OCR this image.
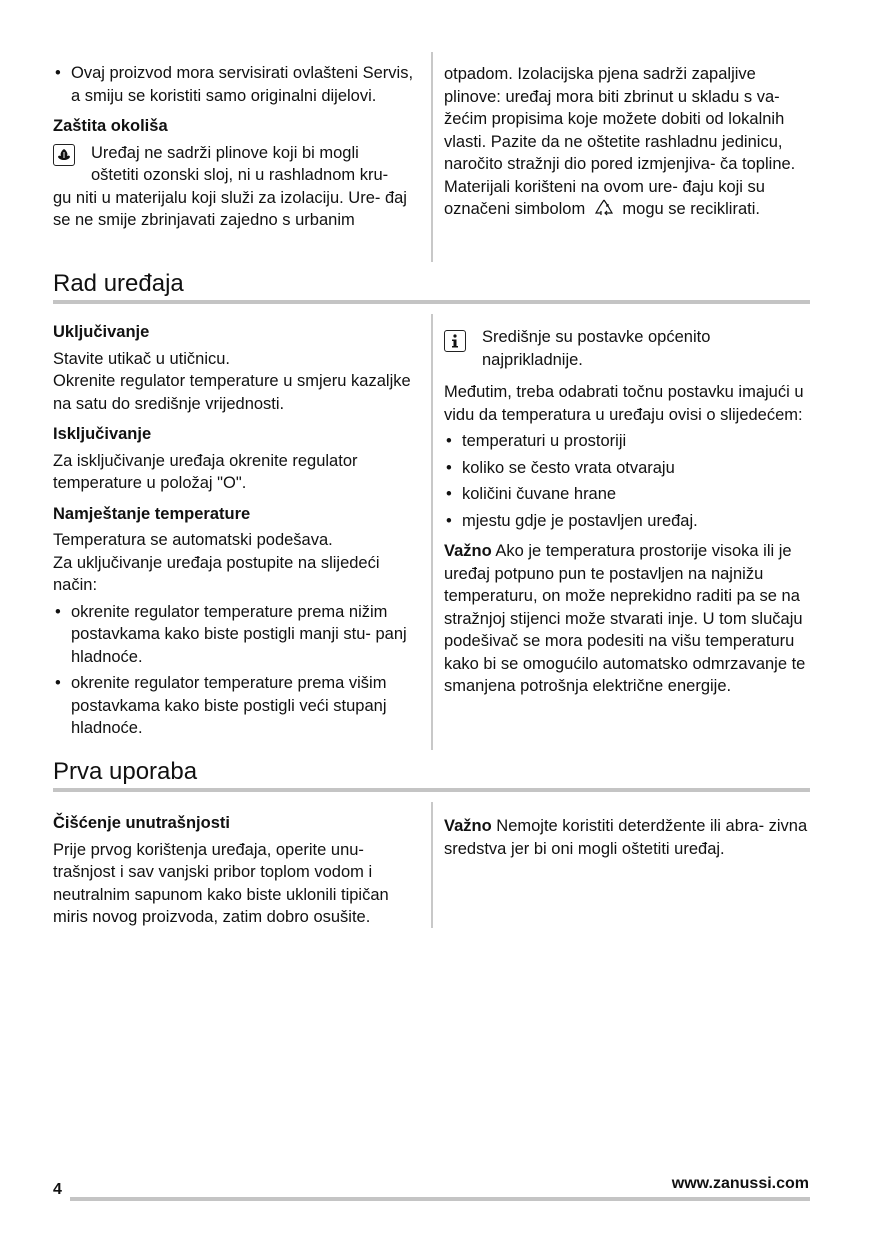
• Ovaj proizvod mora servisirati ovlašteni Servis, a smiju se koristiti samo originalni dijelovi.

Zaštita okoliša

Uređaj ne sadrži plinove koji bi mogli

oštetiti ozonski sloj, ni u rashladnom kru-

gu niti u materijalu koji služi za izolaciju. Ure- đaj se ne smije zbrinjavati zajedno s urbanim

otpadom. Izolacijska pjena sadrži zapaljive plinove: uređaj mora biti zbrinut u skladu s va- žećim propisima koje možete dobiti od lokalnih vlasti. Pazite da ne oštetite rashladnu jedinicu, naročito stražnji dio pored izmjenjiva- ča topline. Materijali korišteni na ovom ure- đaju koji su označeni simbolom mogu se reciklirati.

Rad uređaja

Uključivanje

Stavite utikač u utičnicu.

Okrenite regulator temperature u smjeru kazaljke na satu do središnje vrijednosti.

Isključivanje

Za isključivanje uređaja okrenite regulator temperature u položaj "O".

Namještanje temperature

Temperatura se automatski podešava.

Za uključivanje uređaja postupite na slijedeći način:

• okrenite regulator temperature prema nižim postavkama kako biste postigli manji stu- panj hladnoće.
• okrenite regulator temperature prema višim postavkama kako biste postigli veći stupanj hladnoće.

Središnje su postavke općenito najprikladnije.

Međutim, treba odabrati točnu postavku imajući u vidu da temperatura u uređaju ovisi o slijedećem:

• temperaturi u prostoriji
• koliko se često vrata otvaraju
• količini čuvane hrane
• mjestu gdje je postavljen uređaj.

Važno Ako je temperatura prostorije visoka ili je uređaj potpuno pun te postavljen na najnižu temperaturu, on može neprekidno raditi pa se na stražnjoj stijenci može stvarati inje. U tom slučaju podešivač se mora podesiti na višu temperaturu kako bi se omogućilo automatsko odmrzavanje te smanjena potrošnja električne energije.

Prva uporaba

Čišćenje unutrašnjosti

Prije prvog korištenja uređaja, operite unu- trašnjost i sav vanjski pribor toplom vodom i neutralnim sapunom kako biste uklonili tipičan miris novog proizvoda, zatim dobro osušite.

Važno Nemojte koristiti deterdžente ili abra- zivna sredstva jer bi oni mogli oštetiti uređaj.

4	www.zanussi.com
